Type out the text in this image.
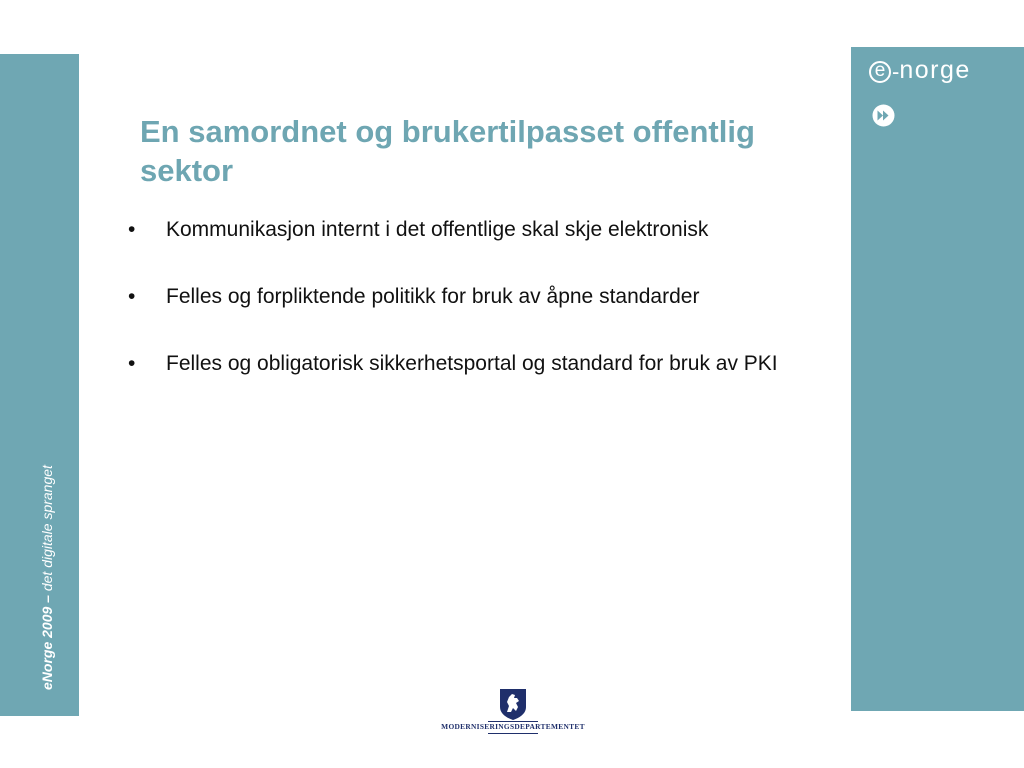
eNorge 2009 – det digitale spranget
e - norge
En samordnet og brukertilpasset offentlig sektor
• Kommunikasjon internt i det offentlige skal skje elektronisk
• Felles og forpliktende politikk for bruk av åpne standarder
• Felles og obligatorisk sikkerhetsportal og standard for bruk av PKI
MODERNISERINGSDEPARTEMENTET
